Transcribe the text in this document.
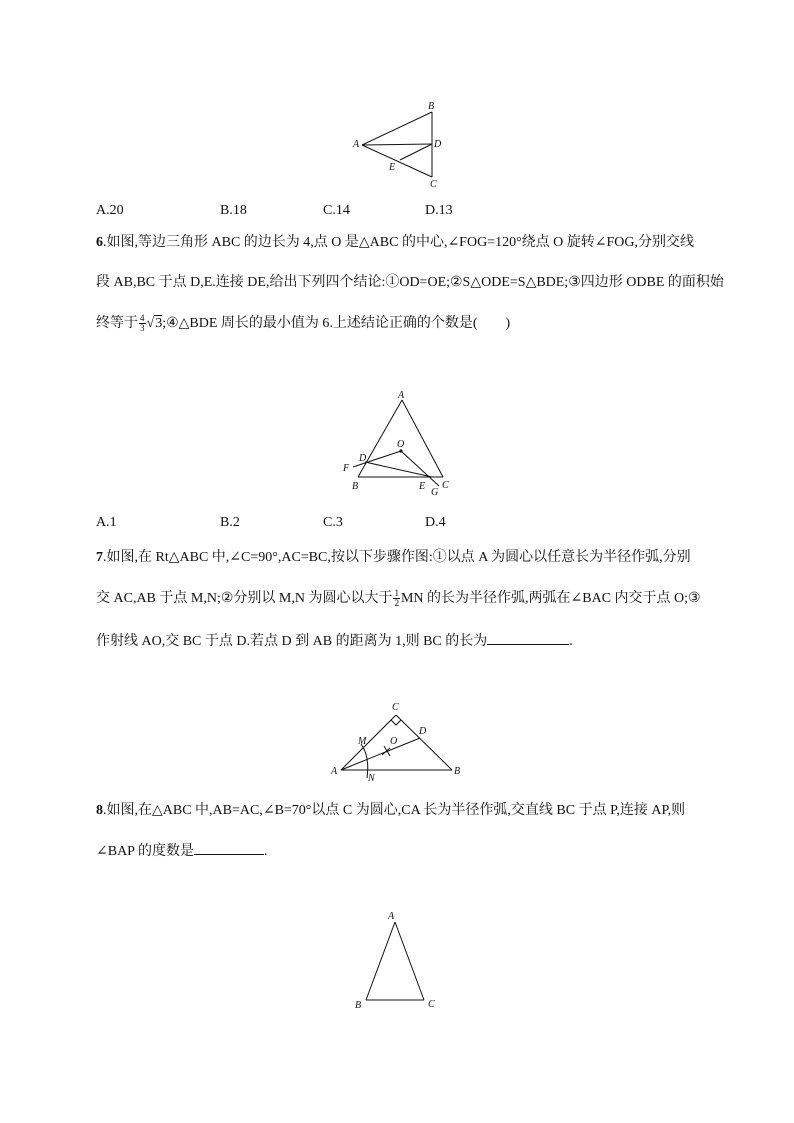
A
B
C
D
E
A.20	B.18	C.14	D.13
6.如图,等边三角形 ABC 的边长为 4,点 O 是△ABC 的中心,∠FOG=120°绕点 O 旋转∠FOG,分别交线
段 AB,BC 于点 D,E.连接 DE,给出下列四个结论:①OD=OE;②S△ODE=S△BDE;③四边形 ODBE 的面积始
终等于 $\frac{4}{3}$ √3;④△BDE 周长的最小值为 6.上述结论正确的个数是(　　)
A
O
D
F
B	E C
G
A.1	B.2	C.3	D.4
7.如图,在 Rt△ABC 中,∠C=90°,AC=BC,按以下步骤作图:①以点 A 为圆心以任意长为半径作弧,分别
交 AC,AB 于点 M,N;②分别以 M,N 为圆心以大于 $\frac{1}{2}$ MN 的长为半径作弧,两弧在∠BAC 内交于点 O;③
作射线 AO,交 BC 于点 D.若点 D 到 AB 的距离为 1,则 BC 的长为	.
C
M O
D
A
N
B
8.如图,在△ABC 中,AB=AC,∠B=70°以点 C 为圆心,CA 长为半径作弧,交直线 BC 于点 P,连接 AP,则
∠BAP 的度数是	.
A
B	C
